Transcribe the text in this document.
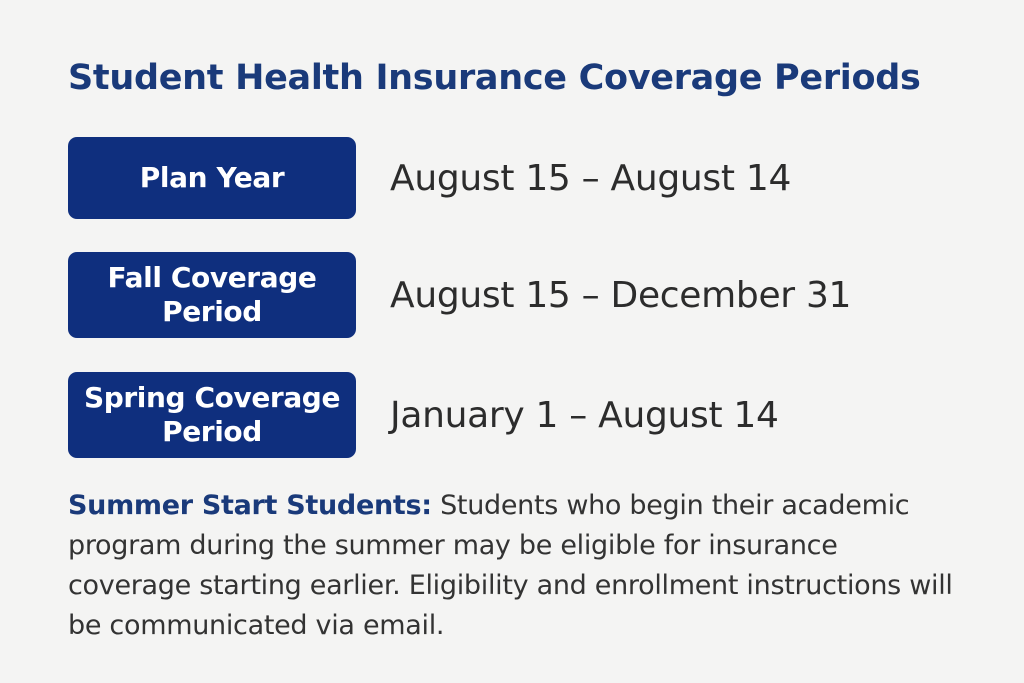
Student Health Insurance Coverage Periods
Plan Year	August 15 – August 14
Fall Coverage Period	August 15 – December 31
Spring Coverage Period	January 1 – August 14

Summer Start Students: Students who begin their academic program during the summer may be eligible for insurance coverage starting earlier. Eligibility and enrollment instructions will be communicated via email.
